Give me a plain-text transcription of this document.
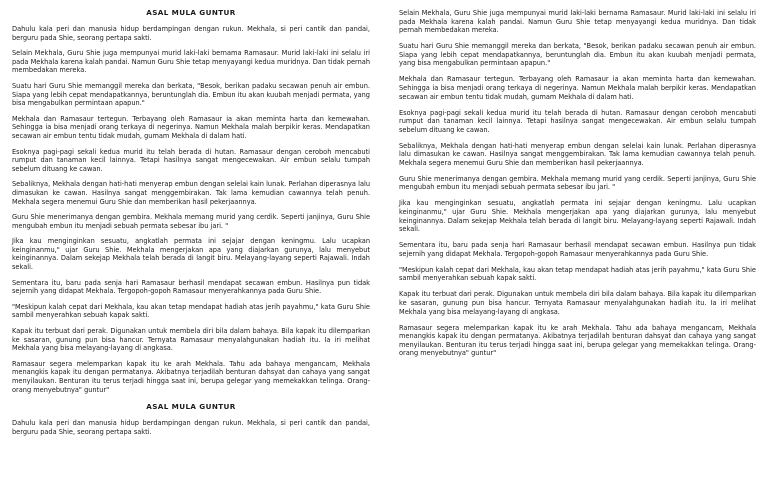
ASAL MULA GUNTUR

Dahulu kala peri dan manusia hidup berdampingan dengan rukun. Mekhala, si peri cantik dan pandai, berguru pada Shie, seorang pertapa sakti.

Selain Mekhala, Guru Shie juga mempunyai murid laki-laki bernama Ramasaur. Murid laki-laki ini selalu iri pada Mekhala karena kalah pandai. Namun Guru Shie tetap menyayangi kedua muridnya. Dan tidak pernah membedakan mereka.

Suatu hari Guru Shie memanggil mereka dan berkata, "Besok, berikan padaku secawan penuh air embun. Siapa yang lebih cepat mendapatkannya, beruntunglah dia. Embun itu akan kuubah menjadi permata, yang bisa mengabulkan permintaan apapun."

Mekhala dan Ramasaur tertegun. Terbayang oleh Ramasaur ia akan meminta harta dan kemewahan. Sehingga ia bisa menjadi orang terkaya di negerinya. Namun Mekhala malah berpikir keras. Mendapatkan secawan air embun tentu tidak mudah, gumam Mekhala di dalam hati.

Esoknya pagi-pagi sekali kedua murid itu telah berada di hutan. Ramasaur dengan ceroboh mencabuti rumput dan tanaman kecil lainnya. Tetapi hasilnya sangat mengecewakan. Air embun selalu tumpah sebelum dituang ke cawan.

Sebaliknya, Mekhala dengan hati-hati menyerap embun dengan selelai kain lunak. Perlahan diperasnya lalu dimasukan ke cawan. Hasilnya sangat menggembirakan. Tak lama kemudian cawannya telah penuh. Mekhala segera menemui Guru Shie dan memberikan hasil pekerjaannya.

Guru Shie menerimanya dengan gembira. Mekhala memang murid yang cerdik. Seperti janjinya, Guru Shie mengubah embun itu menjadi sebuah permata sebesar ibu jari. "

Jika kau menginginkan sesuatu, angkatlah permata ini sejajar dengan keningmu. Lalu ucapkan keinginanmu," ujar Guru Shie. Mekhala mengerjakan apa yang diajarkan gurunya, lalu menyebut keinginannya. Dalam sekejap Mekhala telah berada di langit biru. Melayang-layang seperti Rajawali. Indah sekali.

Sementara itu, baru pada senja hari Ramasaur berhasil mendapat secawan embun. Hasilnya pun tidak sejernih yang didapat Mekhala. Tergopoh-gopoh Ramasaur menyerahkannya pada Guru Shie.

"Meskipun kalah cepat dari Mekhala, kau akan tetap mendapat hadiah atas jerih payahmu," kata Guru Shie sambil menyerahkan sebuah kapak sakti.

Kapak itu terbuat dari perak. Digunakan untuk membela diri bila dalam bahaya. Bila kapak itu dilemparkan ke sasaran, gunung pun bisa hancur. Ternyata Ramasaur menyalahgunakan hadiah itu. Ia iri melihat Mekhala yang bisa melayang-layang di angkasa.

Ramasaur segera melemparkan kapak itu ke arah Mekhala. Tahu ada bahaya mengancam, Mekhala menangkis kapak itu dengan permatanya. Akibatnya terjadilah benturan dahsyat dan cahaya yang sangat menyilaukan. Benturan itu terus terjadi hingga saat ini, berupa gelegar yang memekakkan telinga. Orang-orang menyebutnya" guntur"

ASAL MULA GUNTUR

Dahulu kala peri dan manusia hidup berdampingan dengan rukun. Mekhala, si peri cantik dan pandai, berguru pada Shie, seorang pertapa sakti.

Selain Mekhala, Guru Shie juga mempunyai murid laki-laki bernama Ramasaur. Murid laki-laki ini selalu iri pada Mekhala karena kalah pandai. Namun Guru Shie tetap menyayangi kedua muridnya. Dan tidak pernah membedakan mereka.

Suatu hari Guru Shie memanggil mereka dan berkata, "Besok, berikan padaku secawan penuh air embun. Siapa yang lebih cepat mendapatkannya, beruntunglah dia. Embun itu akan kuubah menjadi permata, yang bisa mengabulkan permintaan apapun."

Mekhala dan Ramasaur tertegun. Terbayang oleh Ramasaur ia akan meminta harta dan kemewahan. Sehingga ia bisa menjadi orang terkaya di negerinya. Namun Mekhala malah berpikir keras. Mendapatkan secawan air embun tentu tidak mudah, gumam Mekhala di dalam hati.

Esoknya pagi-pagi sekali kedua murid itu telah berada di hutan. Ramasaur dengan ceroboh mencabuti rumput dan tanaman kecil lainnya. Tetapi hasilnya sangat mengecewakan. Air embun selalu tumpah sebelum dituang ke cawan.

Sebaliknya, Mekhala dengan hati-hati menyerap embun dengan selelai kain lunak. Perlahan diperasnya lalu dimasukan ke cawan. Hasilnya sangat menggembirakan. Tak lama kemudian cawannya telah penuh. Mekhala segera menemui Guru Shie dan memberikan hasil pekerjaannya.

Guru Shie menerimanya dengan gembira. Mekhala memang murid yang cerdik. Seperti janjinya, Guru Shie mengubah embun itu menjadi sebuah permata sebesar ibu jari. "

Jika kau menginginkan sesuatu, angkatlah permata ini sejajar dengan keningmu. Lalu ucapkan keinginanmu," ujar Guru Shie. Mekhala mengerjakan apa yang diajarkan gurunya, lalu menyebut keinginannya. Dalam sekejap Mekhala telah berada di langit biru. Melayang-layang seperti Rajawali. Indah sekali.

Sementara itu, baru pada senja hari Ramasaur berhasil mendapat secawan embun. Hasilnya pun tidak sejernih yang didapat Mekhala. Tergopoh-gopoh Ramasaur menyerahkannya pada Guru Shie.

"Meskipun kalah cepat dari Mekhala, kau akan tetap mendapat hadiah atas jerih payahmu," kata Guru Shie sambil menyerahkan sebuah kapak sakti.

Kapak itu terbuat dari perak. Digunakan untuk membela diri bila dalam bahaya. Bila kapak itu dilemparkan ke sasaran, gunung pun bisa hancur. Ternyata Ramasaur menyalahgunakan hadiah itu. Ia iri melihat Mekhala yang bisa melayang-layang di angkasa.

Ramasaur segera melemparkan kapak itu ke arah Mekhala. Tahu ada bahaya mengancam, Mekhala menangkis kapak itu dengan permatanya. Akibatnya terjadilah benturan dahsyat dan cahaya yang sangat menyilaukan. Benturan itu terus terjadi hingga saat ini, berupa gelegar yang memekakkan telinga. Orang-orang menyebutnya" guntur"
